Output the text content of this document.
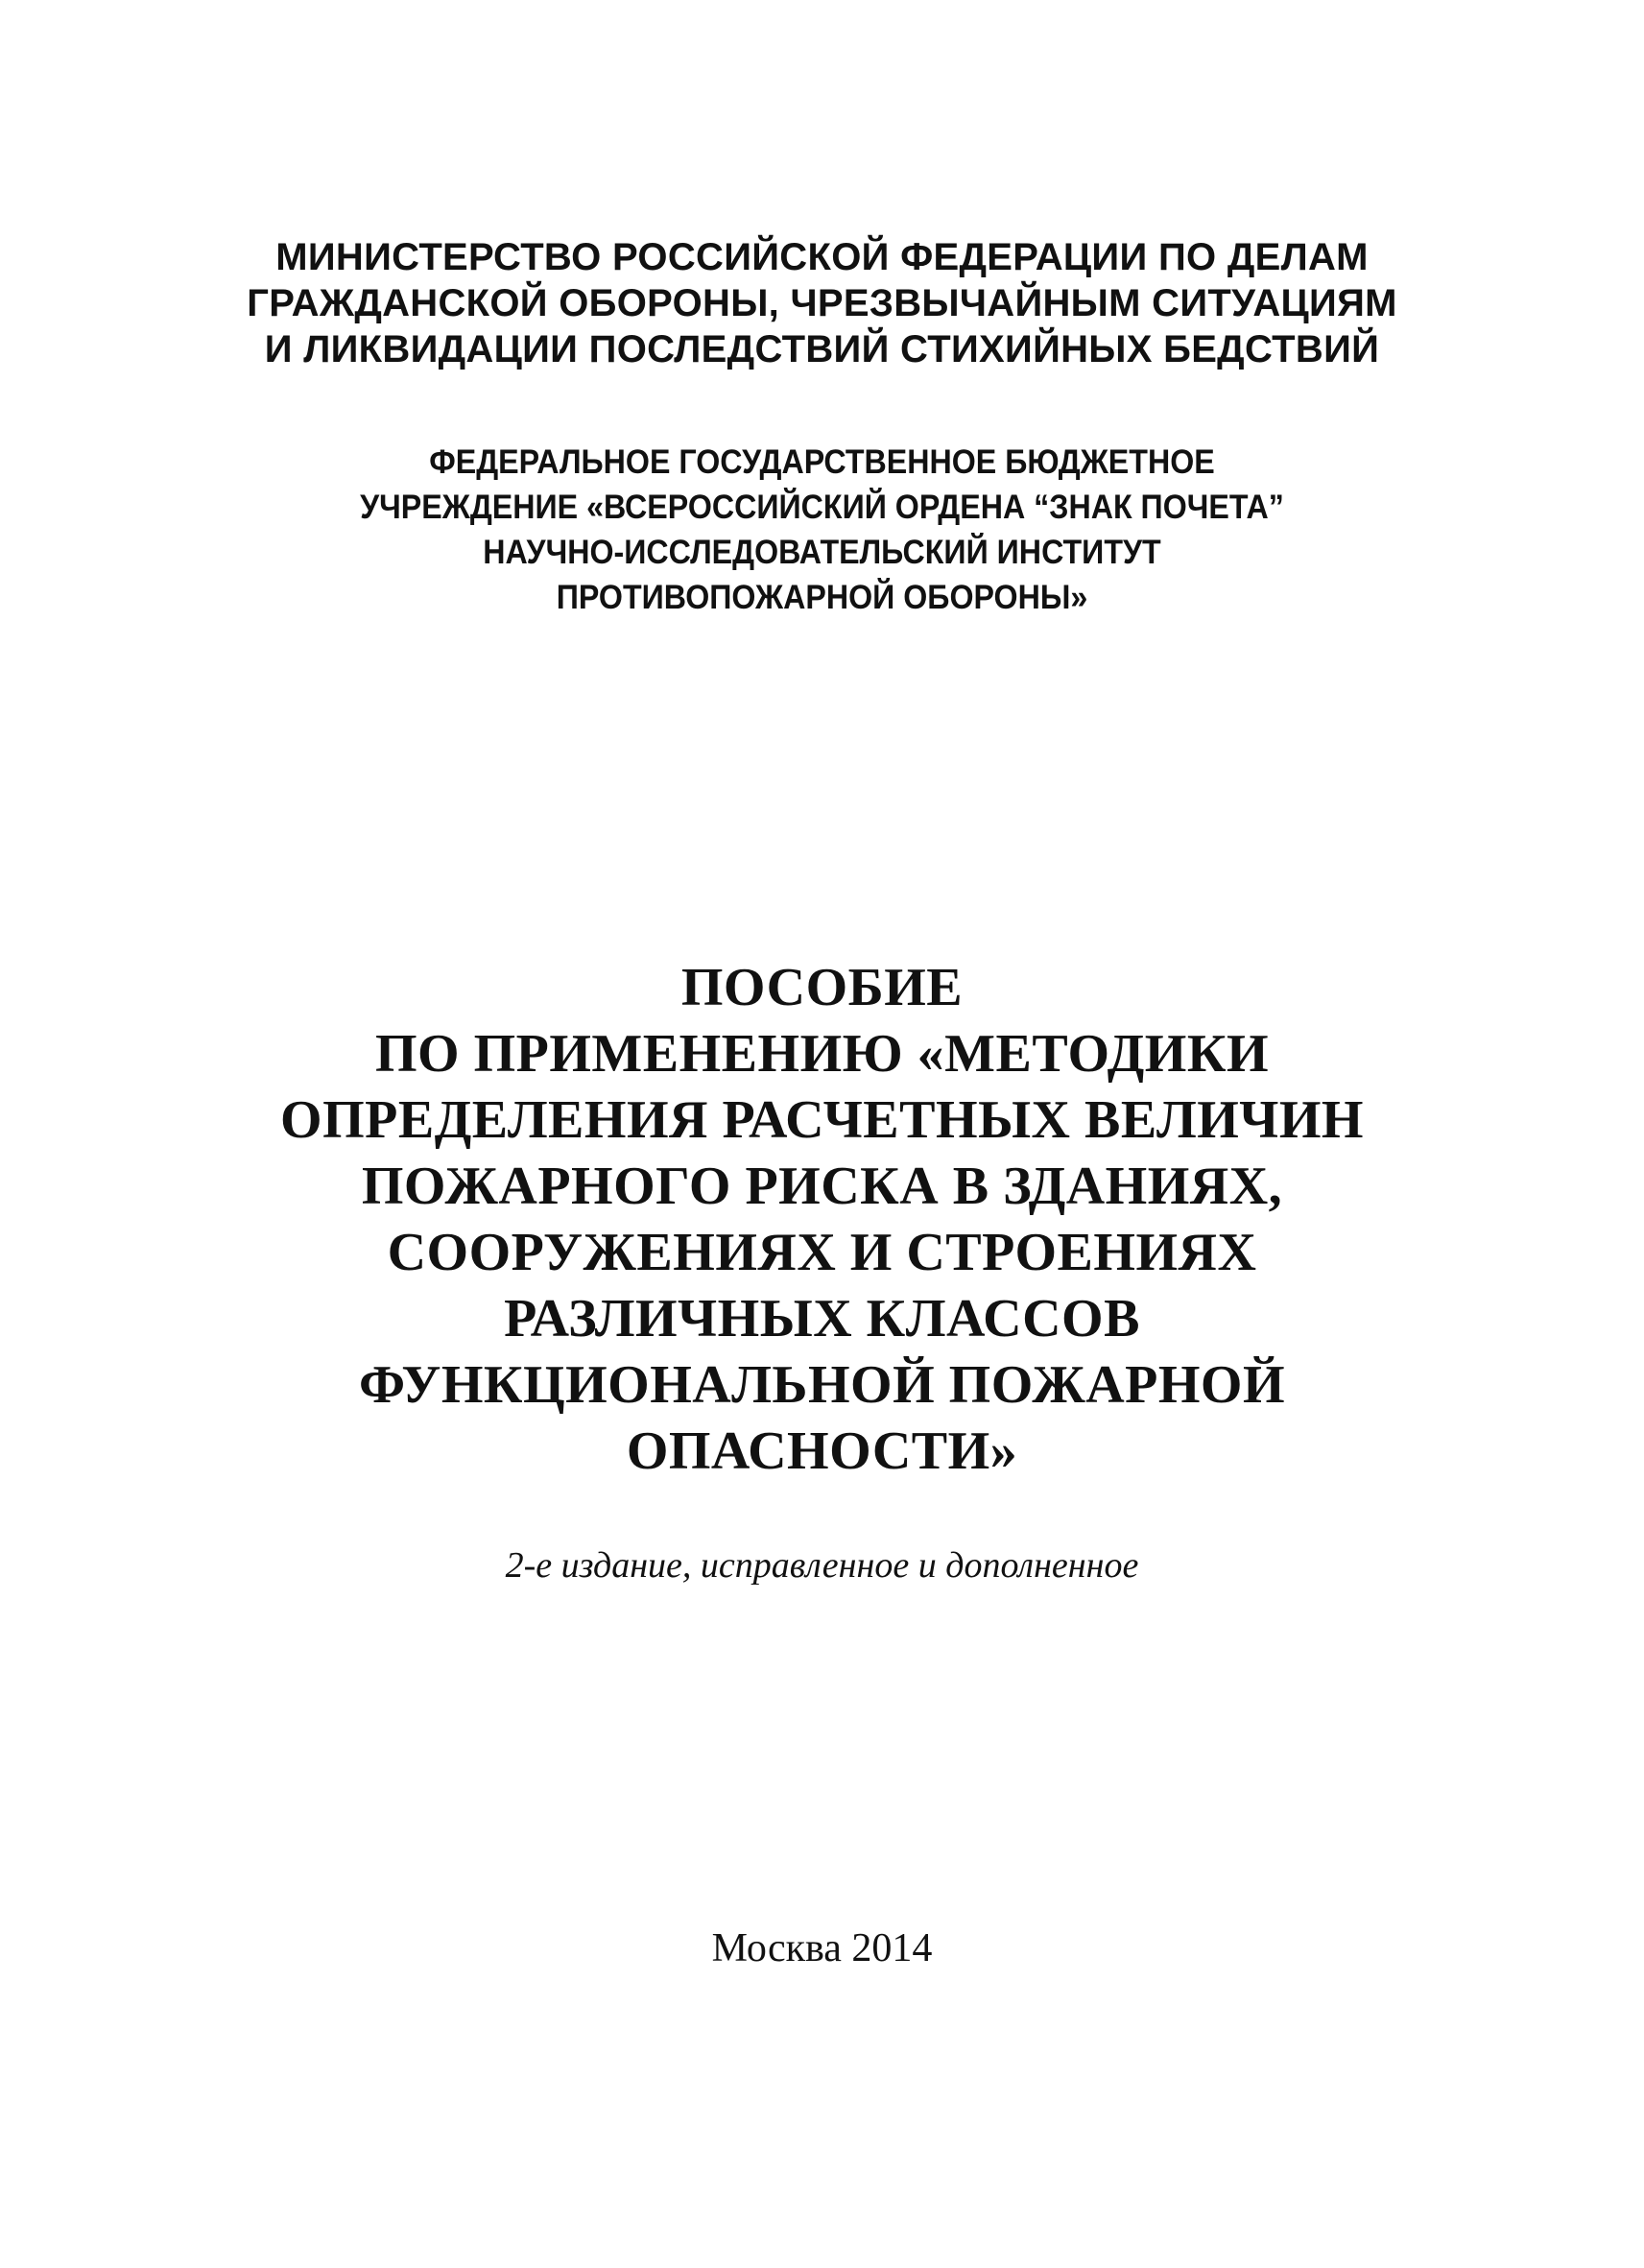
МИНИСТЕРСТВО РОССИЙСКОЙ ФЕДЕРАЦИИ ПО ДЕЛАМ
ГРАЖДАНСКОЙ ОБОРОНЫ, ЧРЕЗВЫЧАЙНЫМ СИТУАЦИЯМ
И ЛИКВИДАЦИИ ПОСЛЕДСТВИЙ СТИХИЙНЫХ БЕДСТВИЙ
ФЕДЕРАЛЬНОЕ ГОСУДАРСТВЕННОЕ БЮДЖЕТНОЕ
УЧРЕЖДЕНИЕ «ВСЕРОССИЙСКИЙ ОРДЕНА “ЗНАК ПОЧЕТА”
НАУЧНО-ИССЛЕДОВАТЕЛЬСКИЙ ИНСТИТУТ
ПРОТИВОПОЖАРНОЙ ОБОРОНЫ»
ПОСОБИЕ
ПО ПРИМЕНЕНИЮ «МЕТОДИКИ
ОПРЕДЕЛЕНИЯ РАСЧЕТНЫХ ВЕЛИЧИН
ПОЖАРНОГО РИСКА В ЗДАНИЯХ,
СООРУЖЕНИЯХ И СТРОЕНИЯХ
РАЗЛИЧНЫХ КЛАССОВ
ФУНКЦИОНАЛЬНОЙ ПОЖАРНОЙ
ОПАСНОСТИ»
2-е издание, исправленное и дополненное
Москва 2014
